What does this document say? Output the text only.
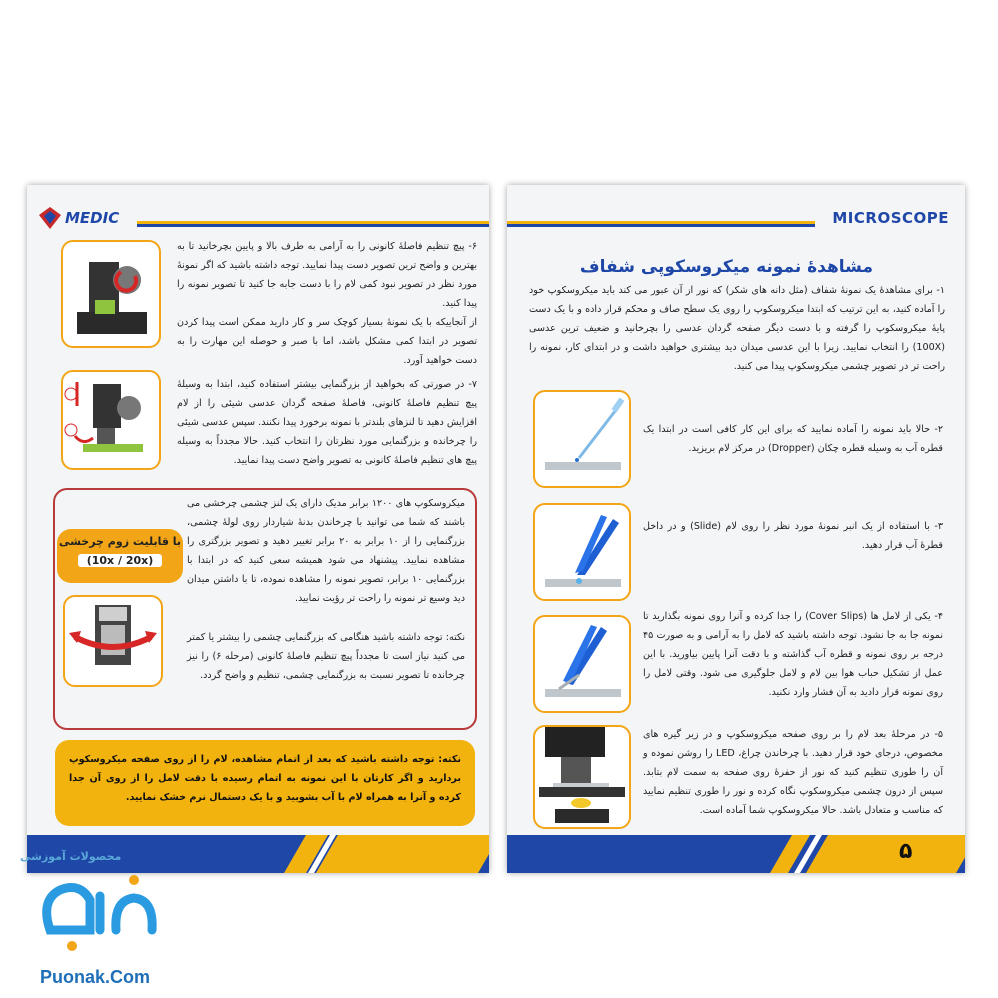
MEDIC
۶- پیچ تنظیم فاصلهٔ کانونی را به آرامی به طرف بالا و پایین بچرخانید تا به بهترین و واضح ترین تصویر دست پیدا نمایید. توجه داشته باشید که اگر نمونهٔ مورد نظر در تصویر نبود کمی لام را با دست جابه جا کنید تا تصویر نمونه را پیدا کنید.
از آنجاییکه با یک نمونهٔ بسیار کوچک سر و کار دارید ممکن است پیدا کردن تصویر در ابتدا کمی مشکل باشد، اما با صبر و حوصله این مهارت را به دست خواهید آورد.
۷- در صورتی که بخواهید از بزرگنمایی بیشتر استفاده کنید، ابتدا به وسیلهٔ پیچ تنظیم فاصلهٔ کانونی، فاصلهٔ صفحه گردان عدسی شیئی را از لام افزایش دهید تا لنزهای بلندتر با نمونه برخورد پیدا نکنند. سپس عدسی شیئی را چرخانده و بزرگنمایی مورد نظرتان را انتخاب کنید. حالا مجدداً به وسیله پیچ های تنظیم فاصلهٔ کانونی به تصویر واضح دست پیدا نمایید.
با قابلیت زوم چرخشی
(10x / 20x)
میکروسکوپ های ۱۲۰۰ برابر مدیک دارای یک لنز چشمی چرخشی می باشند که شما می توانید با چرخاندن بدنهٔ شیاردار روی لولهٔ چشمی، بزرگنمایی را از ۱۰ برابر به ۲۰ برابر تغییر دهید و تصویر بزرگتری را مشاهده نمایید. پیشنهاد می شود همیشه سعی کنید که در ابتدا با بزرگنمایی ۱۰ برابر، تصویر نمونه را مشاهده نموده، تا با داشتن میدان دید وسیع تر نمونه را راحت تر رؤیت نمایید.
نکته: توجه داشته باشید هنگامی که بزرگنمایی چشمی را بیشتر یا کمتر می کنید نیاز است تا مجدداً پیچ تنظیم فاصلهٔ کانونی (مرحله ۶) را نیز چرخانده تا تصویر نسبت به بزرگنمایی چشمی، تنظیم و واضح گردد.
نکته: توجه داشته باشید که بعد از اتمام مشاهده، لام را از روی صفحه میکروسکوپ بردارید و اگر کارتان با این نمونه به اتمام رسیده با دقت لامل را از روی آن جدا کرده و آنرا به همراه لام با آب بشویید و با یک دستمال نرم خشک نمایید.
۶
محصولات آموزشی
MICROSCOPE
مشاهدهٔ نمونه میکروسکوپی شفاف
۱- برای مشاهدهٔ یک نمونهٔ شفاف (مثل دانه های شکر) که نور از آن عبور می کند باید میکروسکوپ خود را آماده کنید، به این ترتیب که ابتدا میکروسکوپ را روی یک سطح صاف و محکم قرار داده و با یک دست پایهٔ میکروسکوپ را گرفته و با دست دیگر صفحه گردان عدسی را بچرخانید و ضعیف ترین عدسی (100X) را انتخاب نمایید. زیرا با این عدسی میدان دید بیشتری خواهید داشت و در ابتدای کار، نمونه را راحت تر در تصویر چشمی میکروسکوپ پیدا می کنید.
۲- حالا باید نمونه را آماده نمایید که برای این کار کافی است در ابتدا یک قطره آب به وسیله قطره چکان (Dropper) در مرکز لام بریزید.
۳- با استفاده از یک انبر نمونهٔ مورد نظر را روی لام (Slide) و در داخل قطرهٔ آب قرار دهید.
۴- یکی از لامل ها (Cover Slips) را جدا کرده و آنرا روی نمونه بگذارید تا نمونه جا به جا نشود. توجه داشته باشید که لامل را به آرامی و به صورت ۴۵ درجه بر روی نمونه و قطره آب گذاشته و با دقت آنرا پایین بیاورید. با این عمل از تشکیل حباب هوا بین لام و لامل جلوگیری می شود. وقتی لامل را روی نمونه قرار دادید به آن فشار وارد نکنید.
۵- در مرحلهٔ بعد لام را بر روی صفحه میکروسکوپ و در زیر گیره های مخصوص، درجای خود قرار دهید. با چرخاندن چراغ، LED را روشن نموده و آن را طوری تنظیم کنید که نور از حفرهٔ روی صفحه به سمت لام بتابد. سپس از درون چشمی میکروسکوپ نگاه کرده و نور را طوری تنظیم نمایید که مناسب و متعادل باشد. حالا میکروسکوپ شما آماده است.
۵
Puonak.Com
